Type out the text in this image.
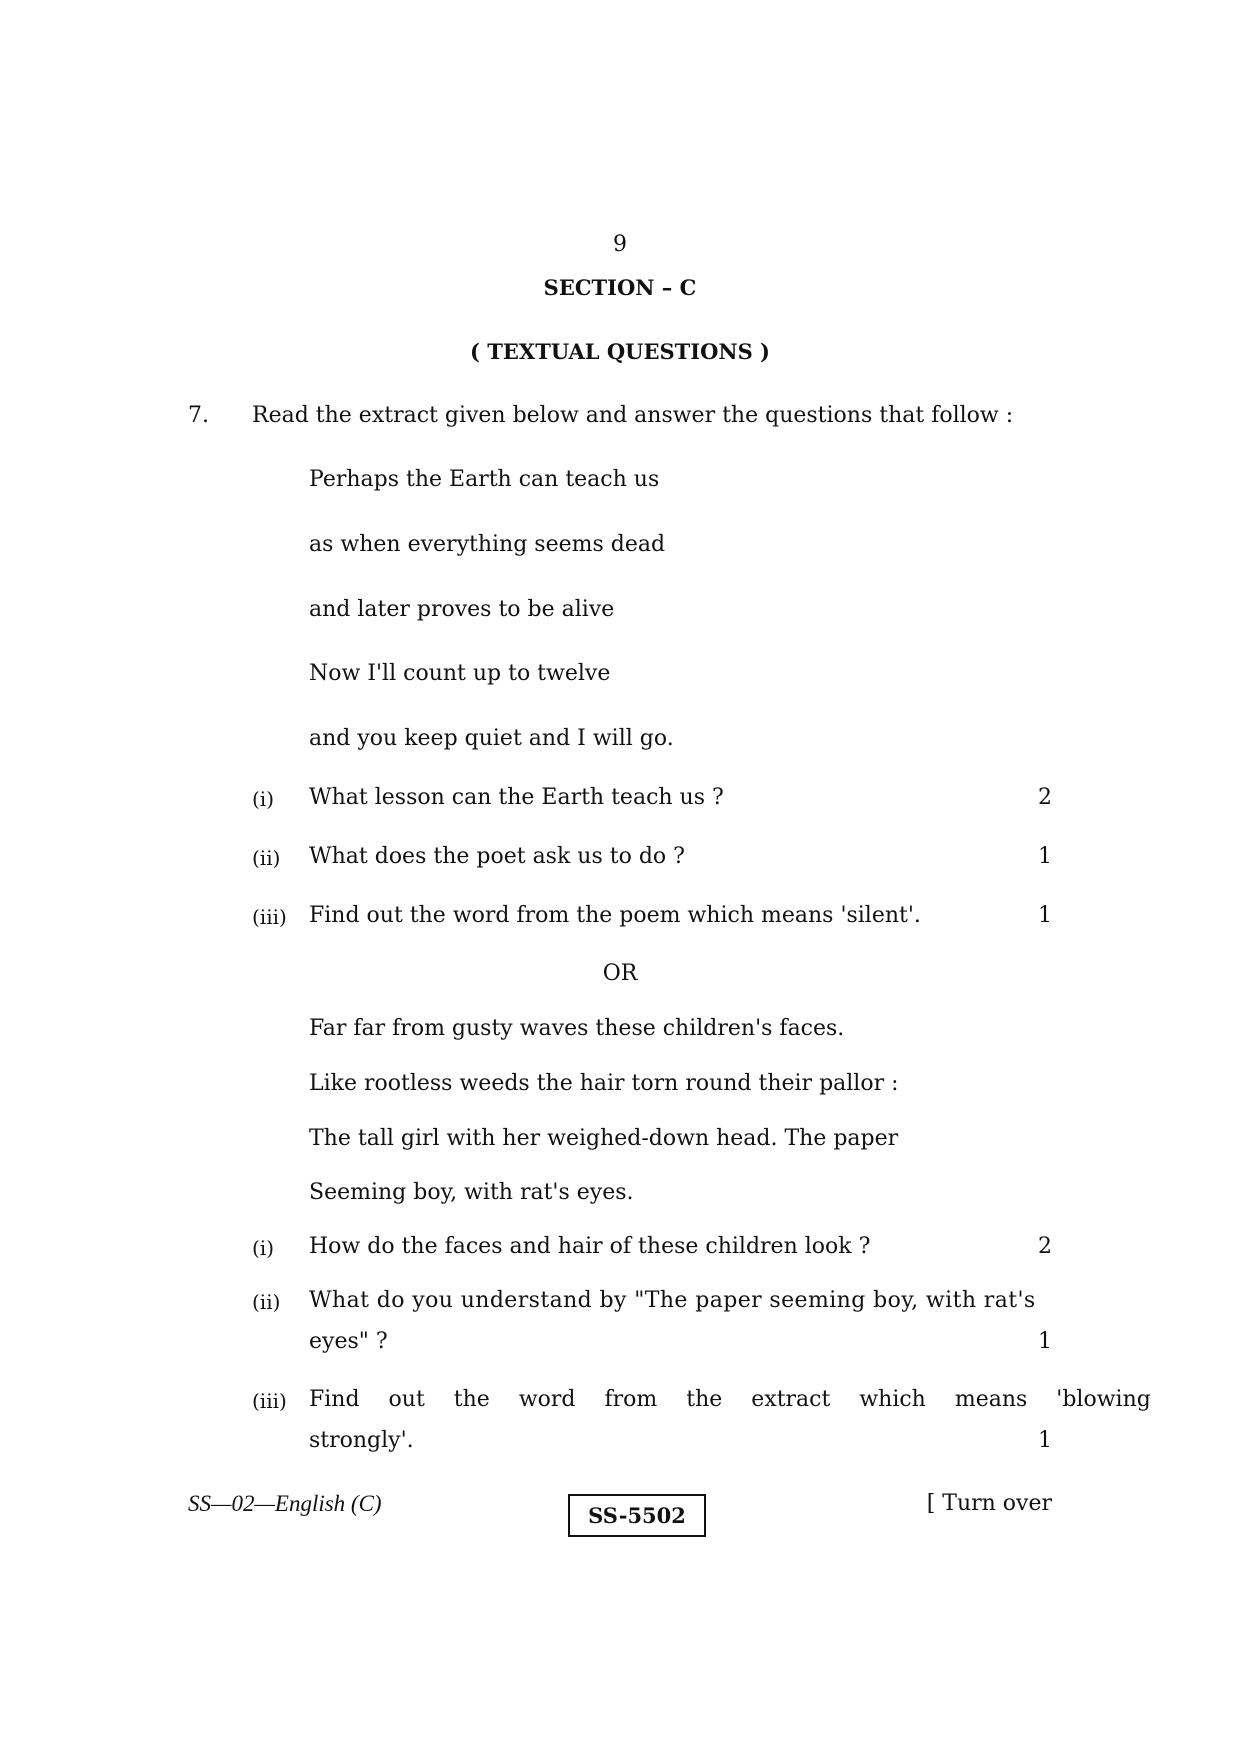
9
SECTION – C
( TEXTUAL QUESTIONS )
7. Read the extract given below and answer the questions that follow :
Perhaps the Earth can teach us
as when everything seems dead
and later proves to be alive
Now I'll count up to twelve
and you keep quiet and I will go.
(i) What lesson can the Earth teach us ?	2
(ii) What does the poet ask us to do ?	1
(iii) Find out the word from the poem which means 'silent'.	1
OR
Far far from gusty waves these children's faces.
Like rootless weeds the hair torn round their pallor :
The tall girl with her weighed-down head. The paper
Seeming boy, with rat's eyes.
(i) How do the faces and hair of these children look ?	2
(ii) What do you understand by "The paper seeming boy, with rat's
eyes" ?	1
(iii) Find out the word from the extract which means 'blowing
strongly'.	1
SS—02—English (C)	SS-5502	[ Turn over
